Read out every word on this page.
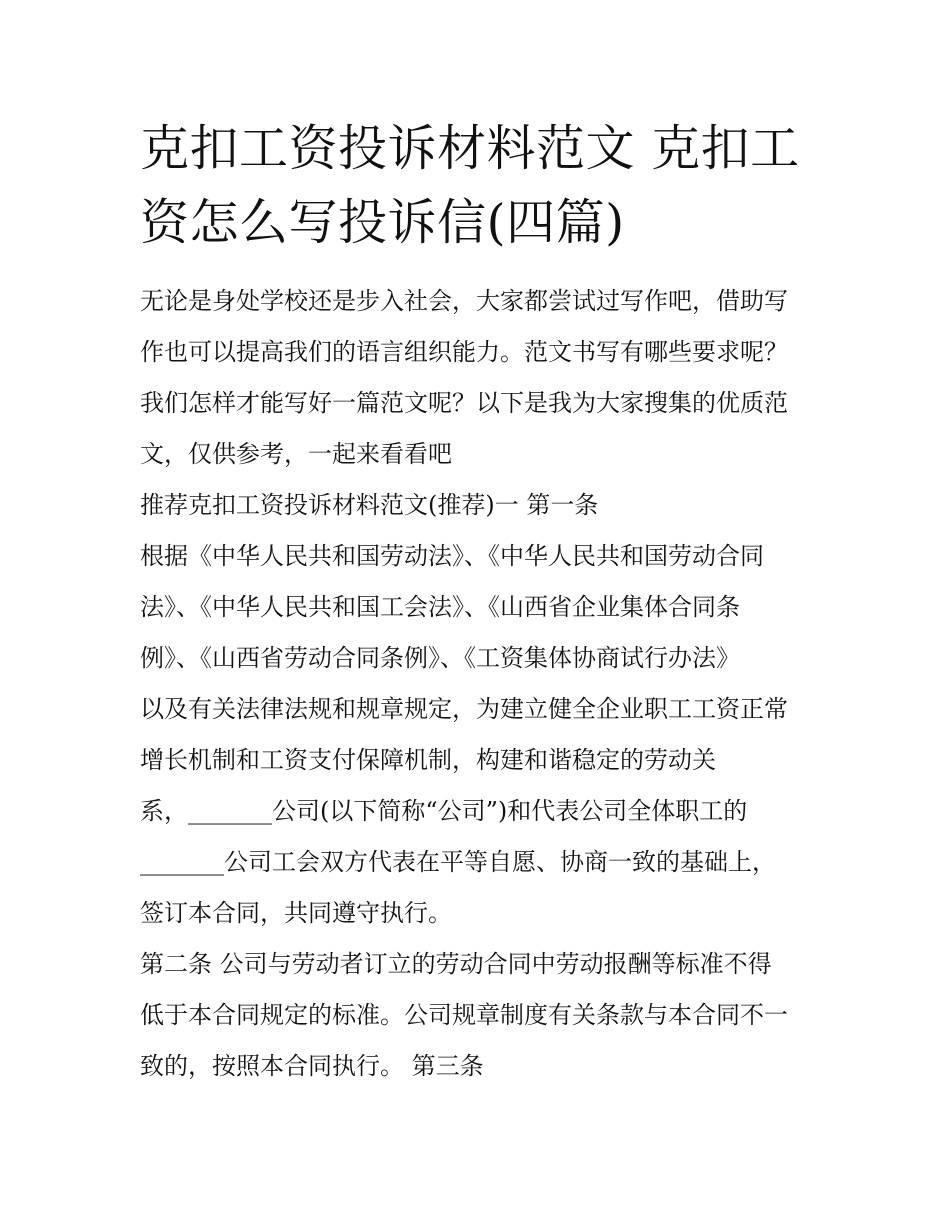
克扣工资投诉材料范文 克扣工
资怎么写投诉信(四篇)
无论是身处学校还是步入社会，大家都尝试过写作吧，借助写
作也可以提高我们的语言组织能力。范文书写有哪些要求呢？
我们怎样才能写好一篇范文呢？以下是我为大家搜集的优质范
文，仅供参考，一起来看看吧
推荐克扣工资投诉材料范文(推荐)一 第一条
根据《中华人民共和国劳动法》、《中华人民共和国劳动合同
法》、《中华人民共和国工会法》、《山西省企业集体合同条
例》、《山西省劳动合同条例》、《工资集体协商试行办法》
以及有关法律法规和规章规定，为建立健全企业职工工资正常
增长机制和工资支付保障机制，构建和谐稳定的劳动关
系，_______公司(以下简称“公司”)和代表公司全体职工的
_______公司工会双方代表在平等自愿、协商一致的基础上，
签订本合同，共同遵守执行。
第二条 公司与劳动者订立的劳动合同中劳动报酬等标准不得
低于本合同规定的标准。公司规章制度有关条款与本合同不一
致的，按照本合同执行。 第三条
